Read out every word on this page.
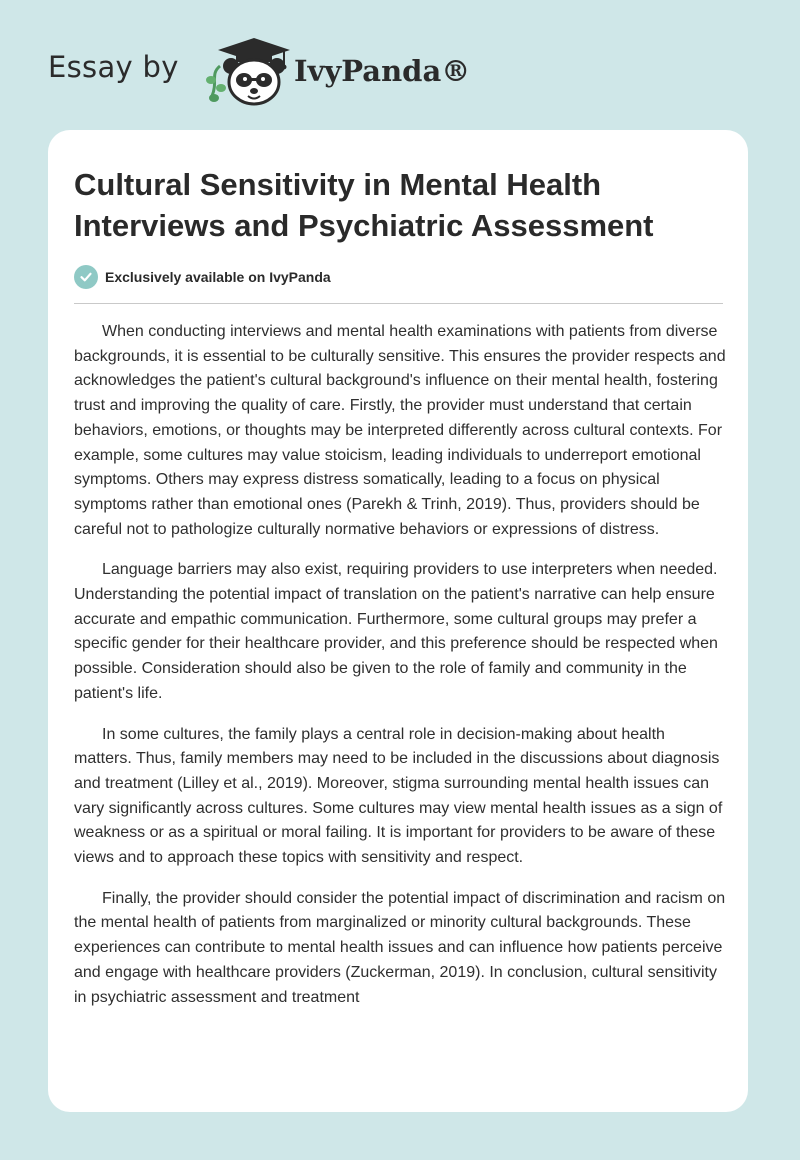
Essay by	IvyPanda®
Cultural Sensitivity in Mental Health Interviews and Psychiatric Assessment
Exclusively available on IvyPanda

When conducting interviews and mental health examinations with patients from diverse backgrounds, it is essential to be culturally sensitive. This ensures the provider respects and acknowledges the patient's cultural background's influence on their mental health, fostering trust and improving the quality of care. Firstly, the provider must understand that certain behaviors, emotions, or thoughts may be interpreted differently across cultural contexts. For example, some cultures may value stoicism, leading individuals to underreport emotional symptoms. Others may express distress somatically, leading to a focus on physical symptoms rather than emotional ones (Parekh & Trinh, 2019). Thus, providers should be careful not to pathologize culturally normative behaviors or expressions of distress.

Language barriers may also exist, requiring providers to use interpreters when needed. Understanding the potential impact of translation on the patient's narrative can help ensure accurate and empathic communication. Furthermore, some cultural groups may prefer a specific gender for their healthcare provider, and this preference should be respected when possible. Consideration should also be given to the role of family and community in the patient's life.

In some cultures, the family plays a central role in decision-making about health matters. Thus, family members may need to be included in the discussions about diagnosis and treatment (Lilley et al., 2019). Moreover, stigma surrounding mental health issues can vary significantly across cultures. Some cultures may view mental health issues as a sign of weakness or as a spiritual or moral failing. It is important for providers to be aware of these views and to approach these topics with sensitivity and respect.

Finally, the provider should consider the potential impact of discrimination and racism on the mental health of patients from marginalized or minority cultural backgrounds. These experiences can contribute to mental health issues and can influence how patients perceive and engage with healthcare providers (Zuckerman, 2019). In conclusion, cultural sensitivity in psychiatric assessment and treatment
